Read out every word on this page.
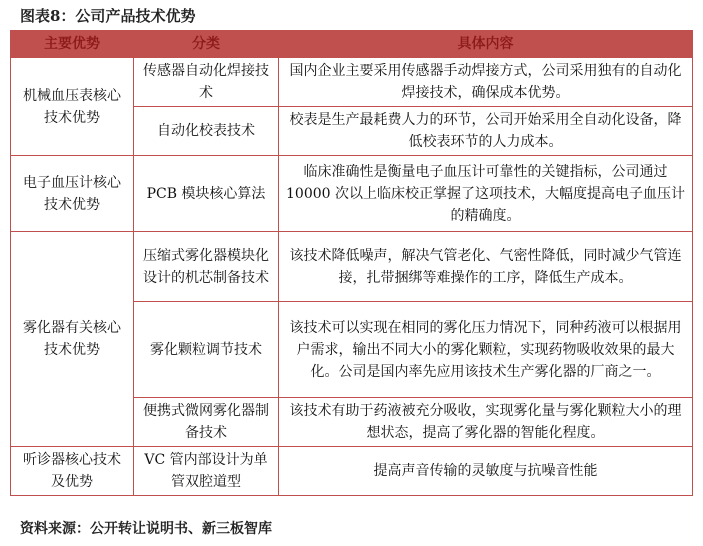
图表8：公司产品技术优势
主要优势	分类	具体内容
机械血压表核心技术优势	传感器自动化焊接技术	国内企业主要采用传感器手动焊接方式，公司采用独有的自动化焊接技术，确保成本优势。
	自动化校表技术	校表是生产最耗费人力的环节，公司开始采用全自动化设备，降低校表环节的人力成本。
电子血压计核心技术优势	PCB 模块核心算法	临床准确性是衡量电子血压计可靠性的关键指标，公司通过 10000 次以上临床校正掌握了这项技术，大幅度提高电子血压计的精确度。
雾化器有关核心技术优势	压缩式雾化器模块化设计的机芯制备技术	该技术降低噪声，解决气管老化、气密性降低，同时减少气管连接，扎带捆绑等难操作的工序，降低生产成本。
	雾化颗粒调节技术	该技术可以实现在相同的雾化压力情况下，同种药液可以根据用户需求，输出不同大小的雾化颗粒，实现药物吸收效果的最大化。公司是国内率先应用该技术生产雾化器的厂商之一。
	便携式微网雾化器制备技术	该技术有助于药液被充分吸收，实现雾化量与雾化颗粒大小的理想状态，提高了雾化器的智能化程度。
听诊器核心技术及优势	VC 管内部设计为单管双腔道型	提高声音传输的灵敏度与抗噪音性能
资料来源：公开转让说明书、新三板智库
